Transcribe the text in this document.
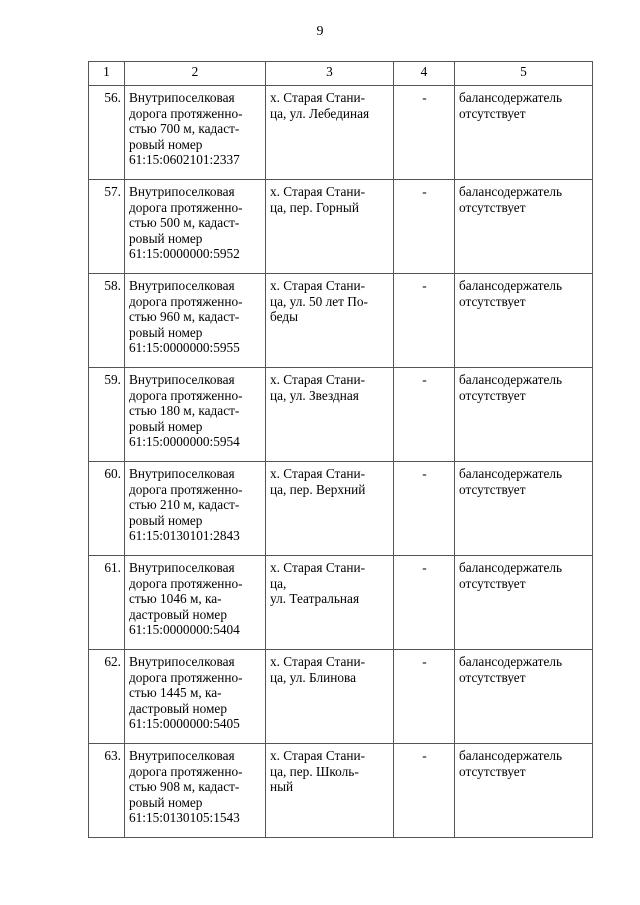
9
1	2	3	4	5
56.	Внутрипоселковая
дорога протяженно-
стью 700 м, кадаст-
ровый номер
61:15:0602101:2337	х. Старая Стани-
ца, ул. Лебединая	-	балансодержатель
отсутствует

57.	Внутрипоселковая
дорога протяженно-
стью 500 м, кадаст-
ровый номер
61:15:0000000:5952	х. Старая Стани-
ца, пер. Горный	-	балансодержатель
отсутствует

58.	Внутрипоселковая
дорога протяженно-
стью 960 м, кадаст-
ровый номер
61:15:0000000:5955	х. Старая Стани-
ца, ул. 50 лет По-
беды	-	балансодержатель
отсутствует

59.	Внутрипоселковая
дорога протяженно-
стью 180 м, кадаст-
ровый номер
61:15:0000000:5954	х. Старая Стани-
ца, ул. Звездная	-	балансодержатель
отсутствует

60.	Внутрипоселковая
дорога протяженно-
стью 210 м, кадаст-
ровый номер
61:15:0130101:2843	х. Старая Стани-
ца, пер. Верхний	-	балансодержатель
отсутствует

61.	Внутрипоселковая
дорога протяженно-
стью 1046 м, ка-
дастровый номер
61:15:0000000:5404	х. Старая Стани-
ца,
ул. Театральная	-	балансодержатель
отсутствует

62.	Внутрипоселковая
дорога протяженно-
стью 1445 м, ка-
дастровый номер
61:15:0000000:5405	х. Старая Стани-
ца, ул. Блинова	-	балансодержатель
отсутствует

63.	Внутрипоселковая
дорога протяженно-
стью 908 м, кадаст-
ровый номер
61:15:0130105:1543	х. Старая Стани-
ца, пер. Школь-
ный	-	балансодержатель
отсутствует
